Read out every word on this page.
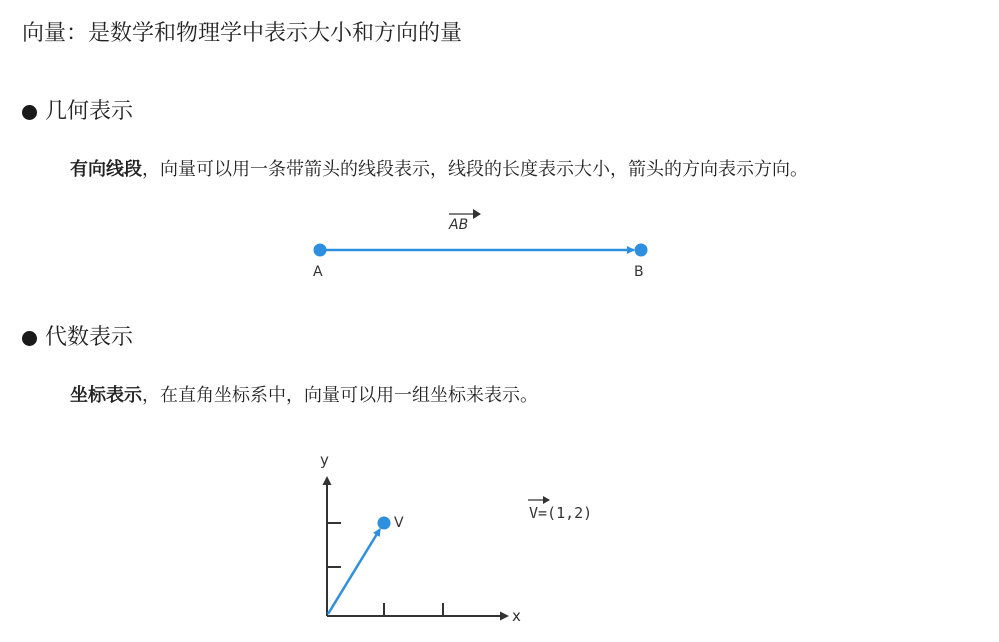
向量：是数学和物理学中表示大小和方向的量
几何表示
有向线段，向量可以用一条带箭头的线段表示，线段的长度表示大小，箭头的方向表示方向。
AB
A	B
y
x
V
V=(1,2)
代数表示
坐标表示，在直角坐标系中，向量可以用一组坐标来表示。
